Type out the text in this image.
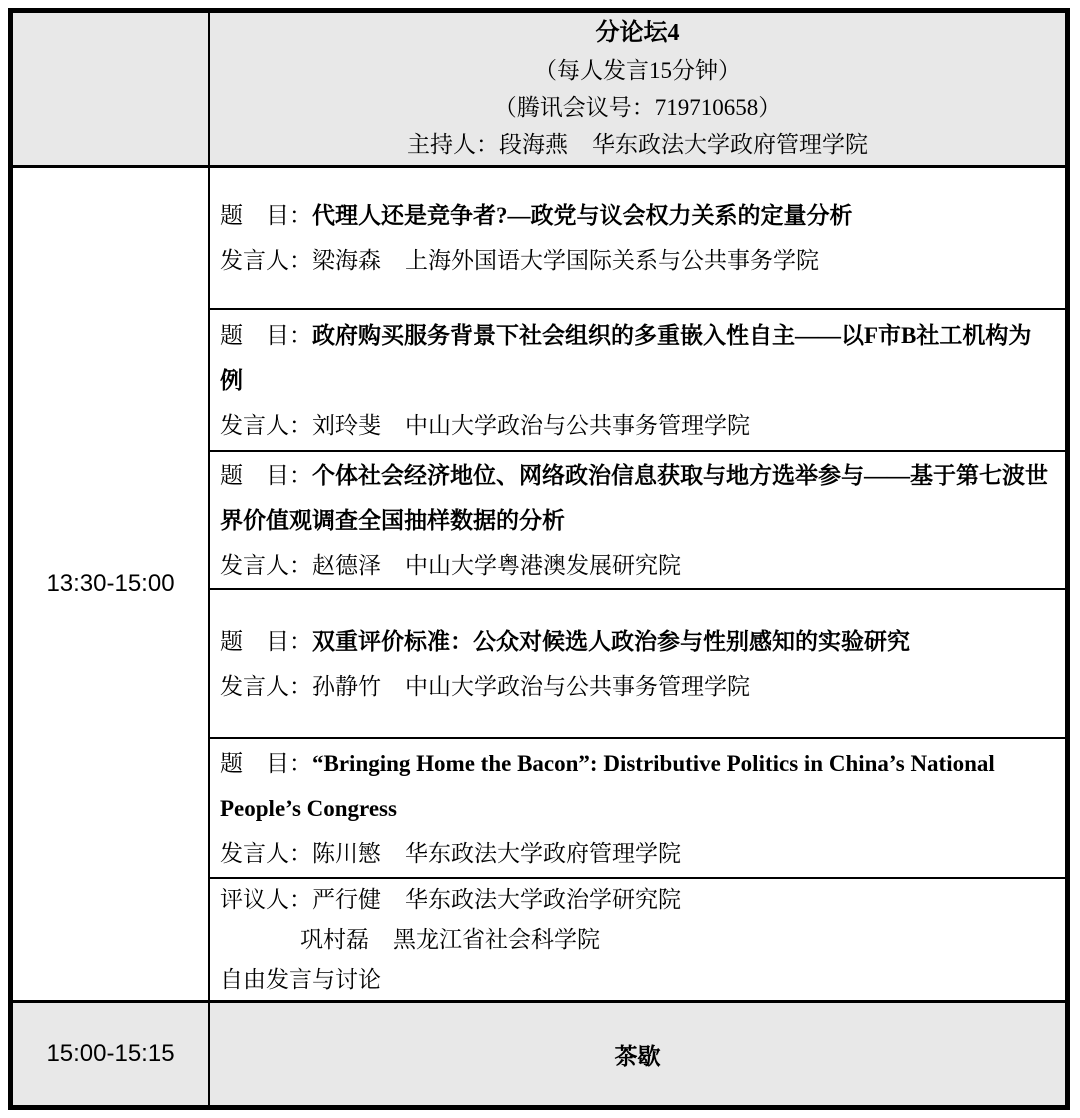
分论坛4
（每人发言15分钟）
（腾讯会议号：719710658）
主持人：段海燕 华东政法大学政府管理学院
13:30-15:00
题　目：代理人还是竞争者?—政党与议会权力关系的定量分析
发言人：梁海森 上海外国语大学国际关系与公共事务学院
题　目：政府购买服务背景下社会组织的多重嵌入性自主——以F市B社工机构为例
发言人：刘玲斐 中山大学政治与公共事务管理学院
题　目：个体社会经济地位、网络政治信息获取与地方选举参与——基于第七波世界价值观调查全国抽样数据的分析
发言人：赵德泽 中山大学粤港澳发展研究院
题　目：双重评价标准：公众对候选人政治参与性别感知的实验研究
发言人：孙静竹 中山大学政治与公共事务管理学院
题　目：“Bringing Home the Bacon”: Distributive Politics in China’s National People’s Congress
发言人：陈川慜 华东政法大学政府管理学院
评议人：严行健 华东政法大学政治学研究院
巩村磊 黑龙江省社会科学院
自由发言与讨论
15:00-15:15	茶歇
